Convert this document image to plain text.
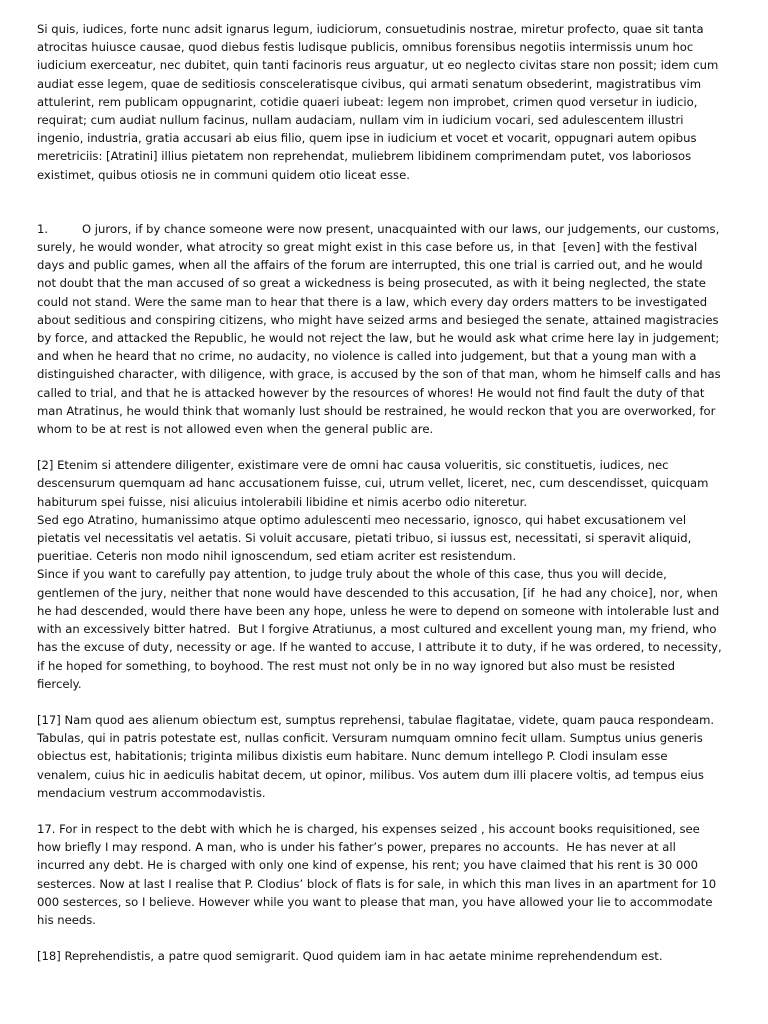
Si quis, iudices, forte nunc adsit ignarus legum, iudiciorum, consuetudinis nostrae, miretur profecto, quae sit tanta atrocitas huiusce causae, quod diebus festis ludisque publicis, omnibus forensibus negotiis intermissis unum hoc iudicium exerceatur, nec dubitet, quin tanti facinoris reus arguatur, ut eo neglecto civitas stare non possit; idem cum audiat esse legem, quae de seditiosis consceleratisque civibus, qui armati senatum obsederint, magistratibus vim attulerint, rem publicam oppugnarint, cotidie quaeri iubeat: legem non improbet, crimen quod versetur in iudicio, requirat; cum audiat nullum facinus, nullam audaciam, nullam vim in iudicium vocari, sed adulescentem illustri ingenio, industria, gratia accusari ab eius filio, quem ipse in iudicium et vocet et vocarit, oppugnari autem opibus meretriciis: [Atratini] illius pietatem non reprehendat, muliebrem libidinem comprimendam putet, vos laboriosos existimet, quibus otiosis ne in communi quidem otio liceat esse.

1.	O jurors, if by chance someone were now present, unacquainted with our laws, our judgements, our customs, surely, he would wonder, what atrocity so great might exist in this case before us, in that  [even] with the festival days and public games, when all the affairs of the forum are interrupted, this one trial is carried out, and he would not doubt that the man accused of so great a wickedness is being prosecuted, as with it being neglected, the state could not stand. Were the same man to hear that there is a law, which every day orders matters to be investigated about seditious and conspiring citizens, who might have seized arms and besieged the senate, attained magistracies by force, and attacked the Republic, he would not reject the law, but he would ask what crime here lay in judgement; and when he heard that no crime, no audacity, no violence is called into judgement, but that a young man with a distinguished character, with diligence, with grace, is accused by the son of that man, whom he himself calls and has called to trial, and that he is attacked however by the resources of whores! He would not find fault the duty of that man Atratinus, he would think that womanly lust should be restrained, he would reckon that you are overworked, for whom to be at rest is not allowed even when the general public are.

[2] Etenim si attendere diligenter, existimare vere de omni hac causa volueritis, sic constituetis, iudices, nec descensurum quemquam ad hanc accusationem fuisse, cui, utrum vellet, liceret, nec, cum descendisset, quicquam habiturum spei fuisse, nisi alicuius intolerabili libidine et nimis acerbo odio niteretur.

Sed ego Atratino, humanissimo atque optimo adulescenti meo necessario, ignosco, qui habet excusationem vel pietatis vel necessitatis vel aetatis. Si voluit accusare, pietati tribuo, si iussus est, necessitati, si speravit aliquid, pueritiae. Ceteris non modo nihil ignoscendum, sed etiam acriter est resistendum.

Since if you want to carefully pay attention, to judge truly about the whole of this case, thus you will decide, gentlemen of the jury, neither that none would have descended to this accusation, [if  he had any choice], nor, when he had descended, would there have been any hope, unless he were to depend on someone with intolerable lust and with an excessively bitter hatred.  But I forgive Atratiunus, a most cultured and excellent young man, my friend, who has the excuse of duty, necessity or age. If he wanted to accuse, I attribute it to duty, if he was ordered, to necessity, if he hoped for something, to boyhood. The rest must not only be in no way ignored but also must be resisted fiercely.

[17] Nam quod aes alienum obiectum est, sumptus reprehensi, tabulae flagitatae, videte, quam pauca respondeam. Tabulas, qui in patris potestate est, nullas conficit. Versuram numquam omnino fecit ullam. Sumptus unius generis obiectus est, habitationis; triginta milibus dixistis eum habitare. Nunc demum intellego P. Clodi insulam esse venalem, cuius hic in aediculis habitat decem, ut opinor, milibus. Vos autem dum illi placere voltis, ad tempus eius mendacium vestrum accommodavistis.

17. For in respect to the debt with which he is charged, his expenses seized , his account books requisitioned, see how briefly I may respond. A man, who is under his father’s power, prepares no accounts.  He has never at all incurred any debt. He is charged with only one kind of expense, his rent; you have claimed that his rent is 30 000 sesterces. Now at last I realise that P. Clodius’ block of flats is for sale, in which this man lives in an apartment for 10 000 sesterces, so I believe. However while you want to please that man, you have allowed your lie to accommodate his needs.

[18] Reprehendistis, a patre quod semigrarit. Quod quidem iam in hac aetate minime reprehendendum est.
